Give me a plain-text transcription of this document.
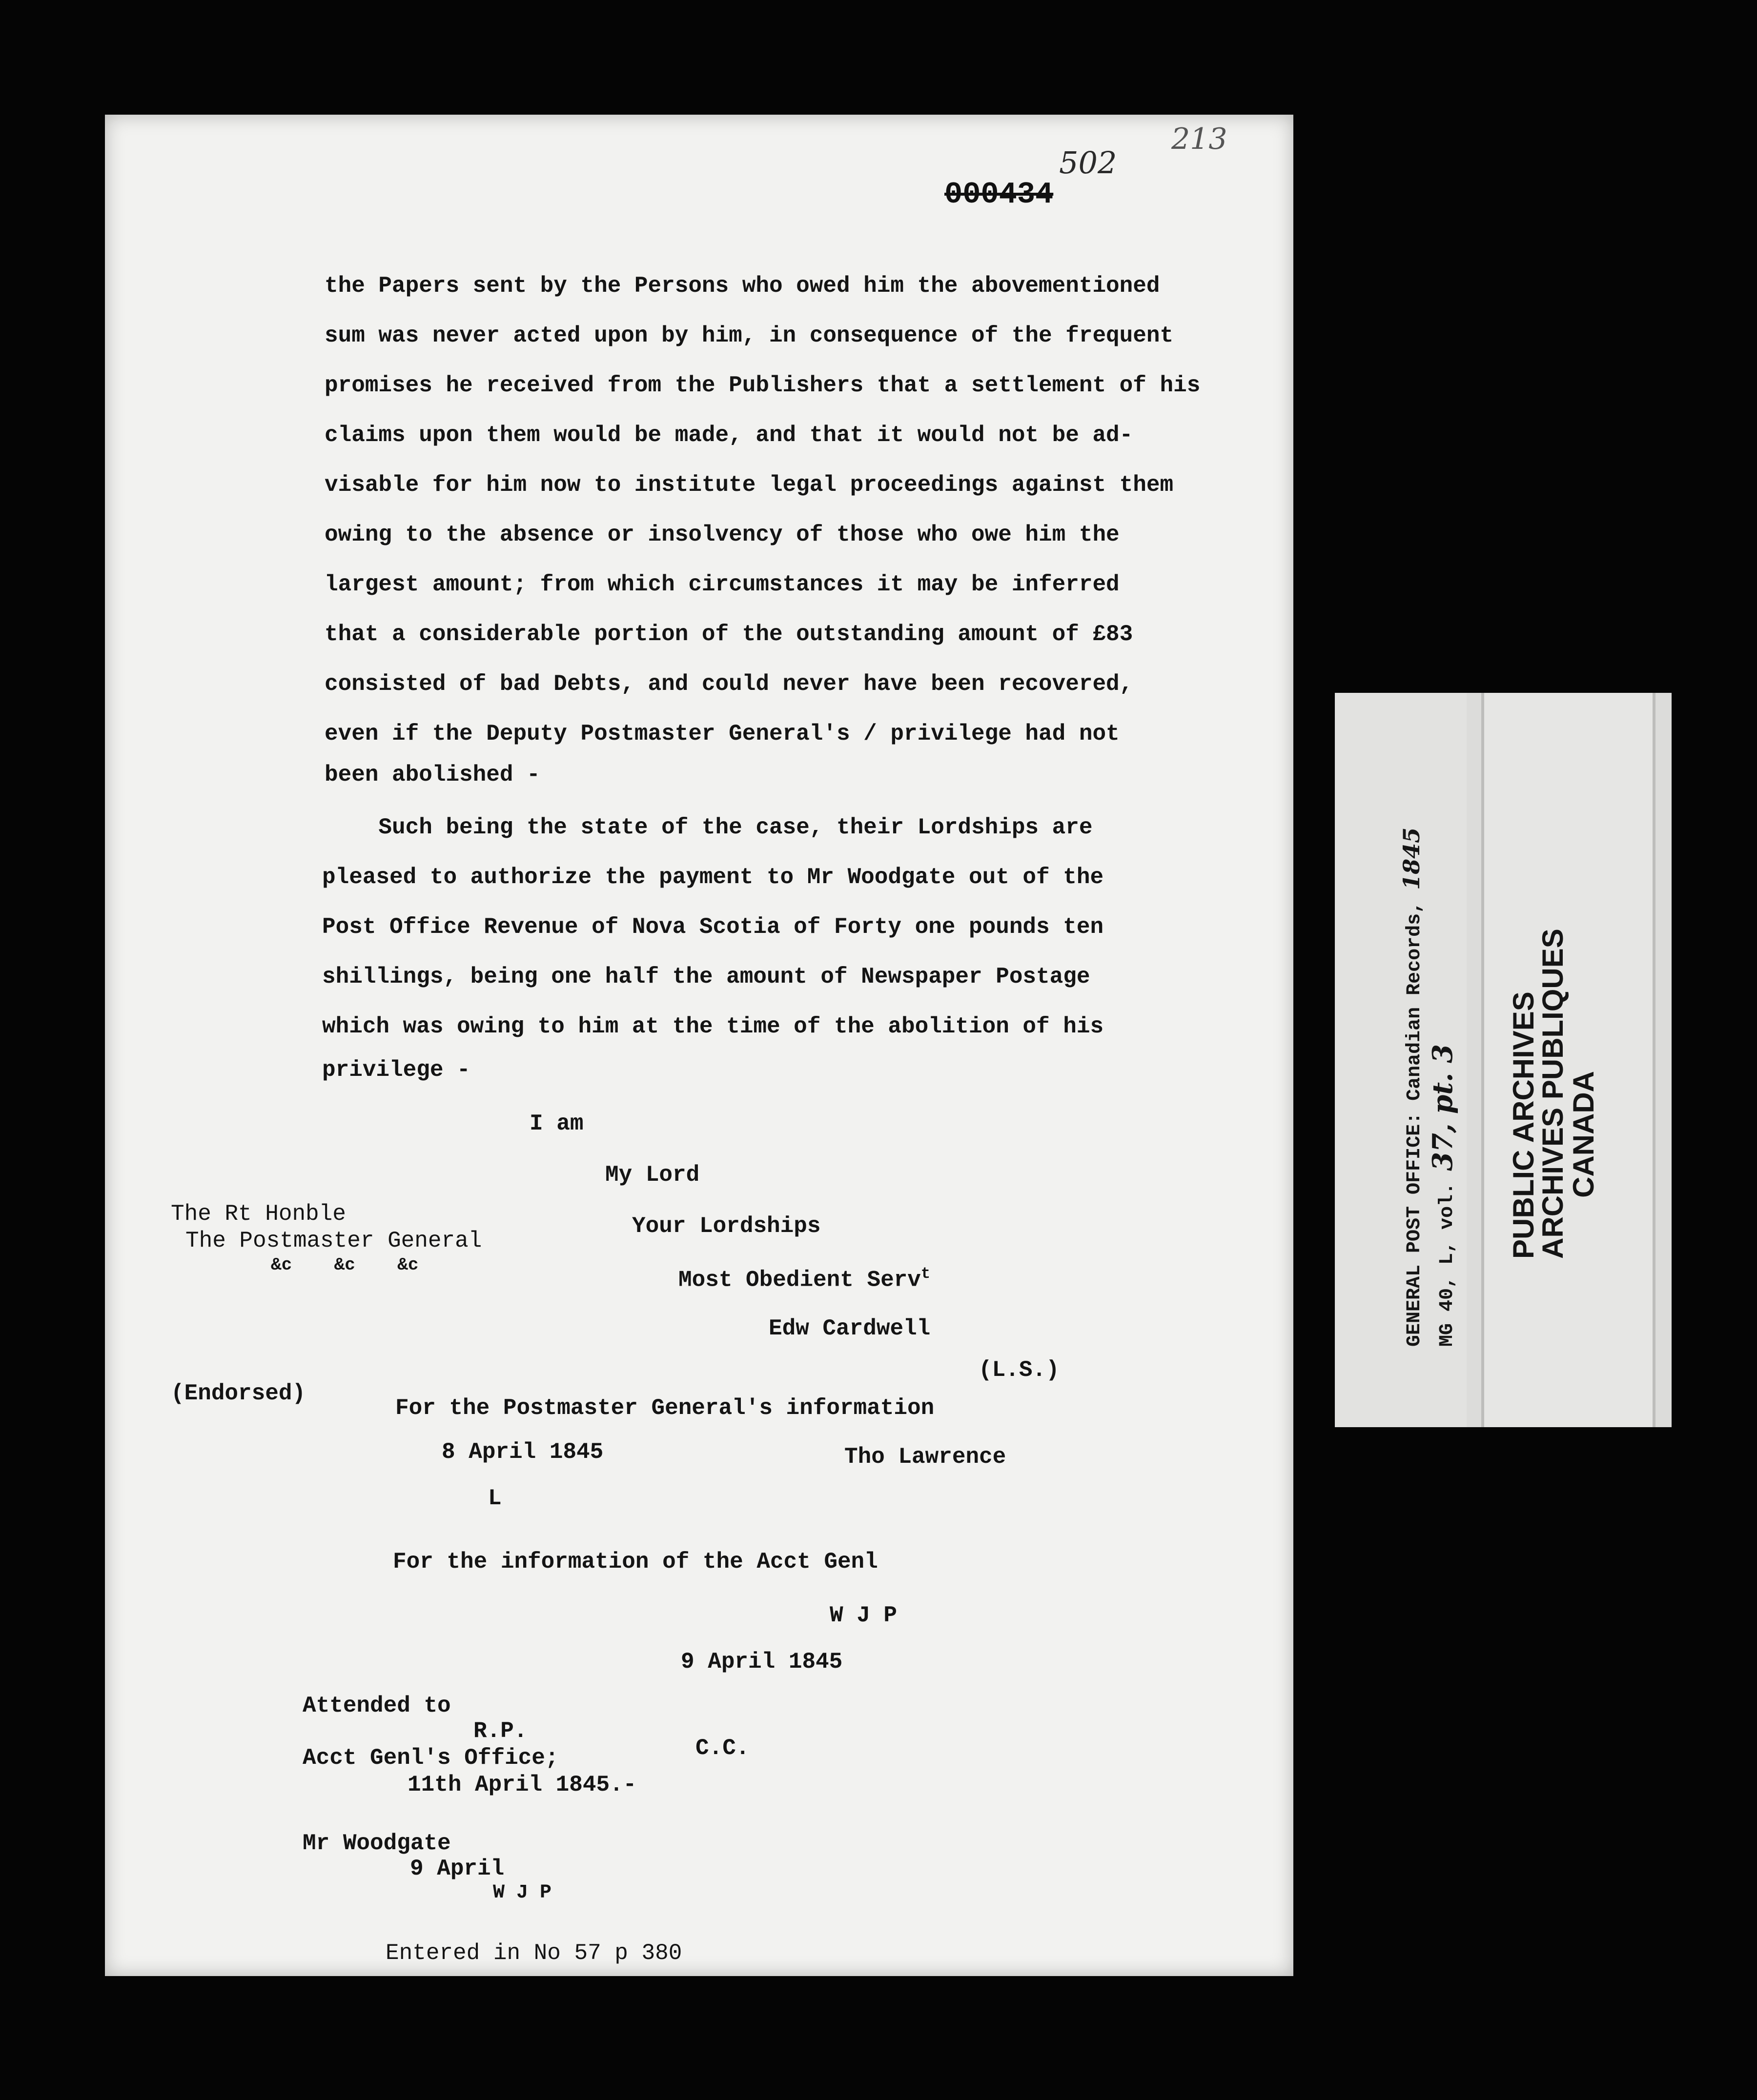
213
502
000434
the Papers sent by the Persons who owed him the abovementioned
sum was never acted upon by him, in consequence of the frequent
promises he received from the Publishers that a settlement of his
claims upon them would be made, and that it would not be ad-
visable for him now to institute legal proceedings against them
owing to the absence or insolvency of those who owe him the
largest amount; from which circumstances it may be inferred
that a considerable portion of the outstanding amount of £83
consisted of bad Debts, and could never have been recovered,
even if the Deputy Postmaster General's / privilege had not
been abolished -
Such being the state of the case, their Lordships are
pleased to authorize the payment to Mr Woodgate out of the
Post Office Revenue of Nova Scotia of Forty one pounds ten
shillings, being one half the amount of Newspaper Postage
which was owing to him at the time of the abolition of his
privilege -
I am
My Lord
Your Lordships
Most Obedient Serv$^t$
Edw Cardwell
(L.S.)
The Rt Honble
The Postmaster General
&c    &c    &c
(Endorsed)
For the Postmaster General's information
8 April 1845	Tho Lawrence
L
For the information of the Acct Genl
W J P
9 April 1845
Attended to
R.P.
C.C.
Acct Genl's Office;
11th April 1845.-
Mr Woodgate
9 April
W J P
Entered in No 57 p 380
GENERAL POST OFFICE: Canadian Records, 1845
MG 40, L, vol. 37, pt. 3 PUBLIC ARCHIVES
ARCHIVES PUBLIQUES
CANADA
